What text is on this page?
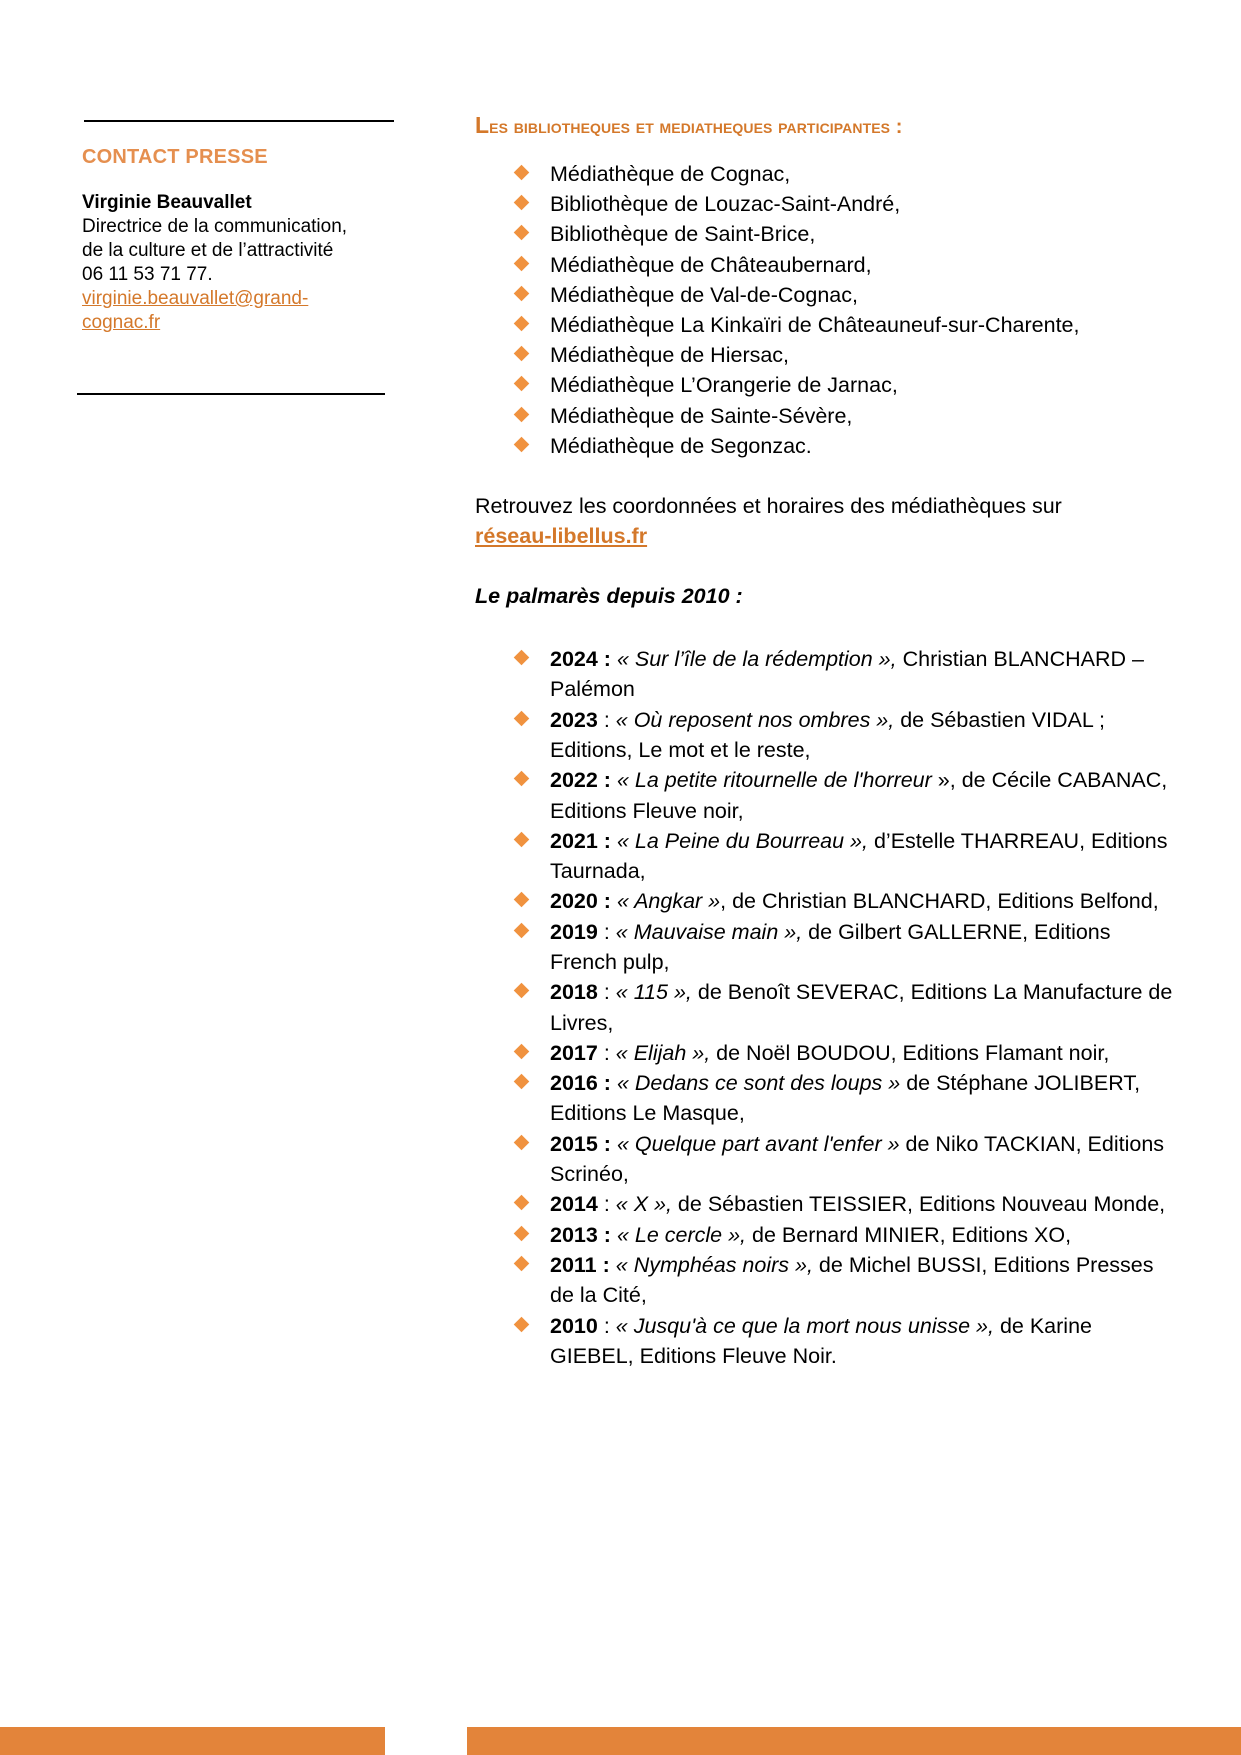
CONTACT PRESSE
Virginie Beauvallet
Directrice de la communication,
de la culture et de l’attractivité
06 11 53 71 77.
virginie.beauvallet@grand-
cognac.fr
Les bibliotheques et mediatheques participantes :
Médiathèque de Cognac,
Bibliothèque de Louzac-Saint-André,
Bibliothèque de Saint-Brice,
Médiathèque de Châteaubernard,
Médiathèque de Val-de-Cognac,
Médiathèque La Kinkaïri de Châteauneuf-sur-Charente,
Médiathèque de Hiersac,
Médiathèque L’Orangerie de Jarnac,
Médiathèque de Sainte-Sévère,
Médiathèque de Segonzac.
Retrouvez les coordonnées et horaires des médiathèques sur
réseau-libellus.fr
Le palmarès depuis 2010 :
2024 : « Sur l’île de la rédemption », Christian BLANCHARD – Palémon
2023 : « Où reposent nos ombres », de Sébastien VIDAL ; Editions, Le mot et le reste,
2022 : « La petite ritournelle de l'horreur », de Cécile CABANAC, Editions Fleuve noir,
2021 : « La Peine du Bourreau », d’Estelle THARREAU, Editions Taurnada,
2020 : « Angkar », de Christian BLANCHARD, Editions Belfond,
2019 : « Mauvaise main », de Gilbert GALLERNE, Editions French pulp,
2018 : « 115 », de Benoît SEVERAC, Editions La Manufacture de Livres,
2017 : « Elijah », de Noël BOUDOU, Editions Flamant noir,
2016 : « Dedans ce sont des loups » de Stéphane JOLIBERT, Editions Le Masque,
2015 : « Quelque part avant l'enfer » de Niko TACKIAN, Editions Scrinéo,
2014 : « X », de Sébastien TEISSIER, Editions Nouveau Monde,
2013 : « Le cercle », de Bernard MINIER, Editions XO,
2011 : « Nymphéas noirs », de Michel BUSSI, Editions Presses de la Cité,
2010 : « Jusqu'à ce que la mort nous unisse », de Karine GIEBEL, Editions Fleuve Noir.
